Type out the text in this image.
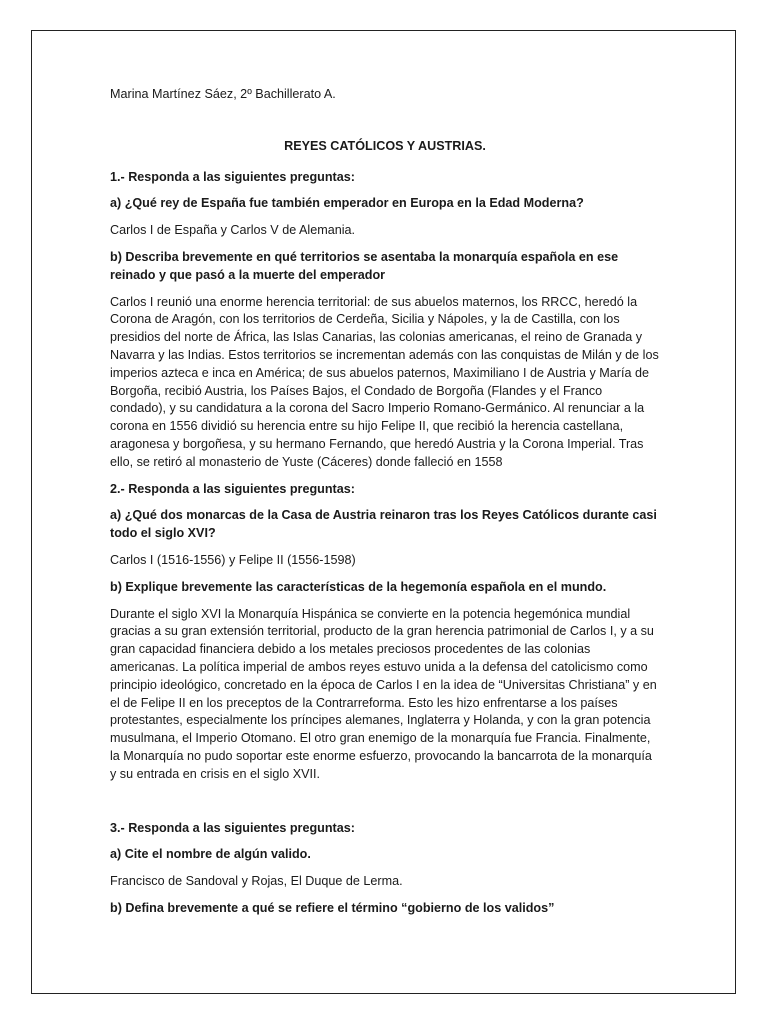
Marina Martínez Sáez, 2º Bachillerato A.

REYES CATÓLICOS Y AUSTRIAS.

1.- Responda a las siguientes preguntas:

a) ¿Qué rey de España fue también emperador en Europa en la Edad Moderna?

Carlos I de España y Carlos V de Alemania.

b) Describa brevemente en qué territorios se asentaba la monarquía española en ese reinado y que pasó a la muerte del emperador

Carlos I reunió una enorme herencia territorial: de sus abuelos maternos, los RRCC, heredó la Corona de Aragón, con los territorios de Cerdeña, Sicilia y Nápoles, y la de Castilla, con los presidios del norte de África, las Islas Canarias, las colonias americanas, el reino de Granada y Navarra y las Indias. Estos territorios se incrementan además con las conquistas de Milán y de los imperios azteca e inca en América; de sus abuelos paternos, Maximiliano I de Austria y María de Borgoña, recibió Austria, los Países Bajos, el Condado de Borgoña (Flandes y el Franco condado), y su candidatura a la corona del Sacro Imperio Romano-Germánico. Al renunciar a la corona en 1556 dividió su herencia entre su hijo Felipe II, que recibió la herencia castellana, aragonesa y borgoñesa, y su hermano Fernando, que heredó Austria y la Corona Imperial. Tras ello, se retiró al monasterio de Yuste (Cáceres) donde falleció en 1558

2.- Responda a las siguientes preguntas:

a) ¿Qué dos monarcas de la Casa de Austria reinaron tras los Reyes Católicos durante casi todo el siglo XVI?

Carlos I (1516-1556) y Felipe II (1556-1598)

b) Explique brevemente las características de la hegemonía española en el mundo.

Durante el siglo XVI la Monarquía Hispánica se convierte en la potencia hegemónica mundial gracias a su gran extensión territorial, producto de la gran herencia patrimonial de Carlos I, y a su gran capacidad financiera debido a los metales preciosos procedentes de las colonias americanas. La política imperial de ambos reyes estuvo unida a la defensa del catolicismo como principio ideológico, concretado en la época de Carlos I en la idea de “Universitas Christiana” y en el de Felipe II en los preceptos de la Contrarreforma. Esto les hizo enfrentarse a los países protestantes, especialmente los príncipes alemanes, Inglaterra y Holanda, y con la gran potencia musulmana, el Imperio Otomano. El otro gran enemigo de la monarquía fue Francia. Finalmente, la Monarquía no pudo soportar este enorme esfuerzo, provocando la bancarrota de la monarquía y su entrada en crisis en el siglo XVII.

3.- Responda a las siguientes preguntas:

a) Cite el nombre de algún valido.

Francisco de Sandoval y Rojas, El Duque de Lerma.

b) Defina brevemente a qué se refiere el término “gobierno de los validos”
